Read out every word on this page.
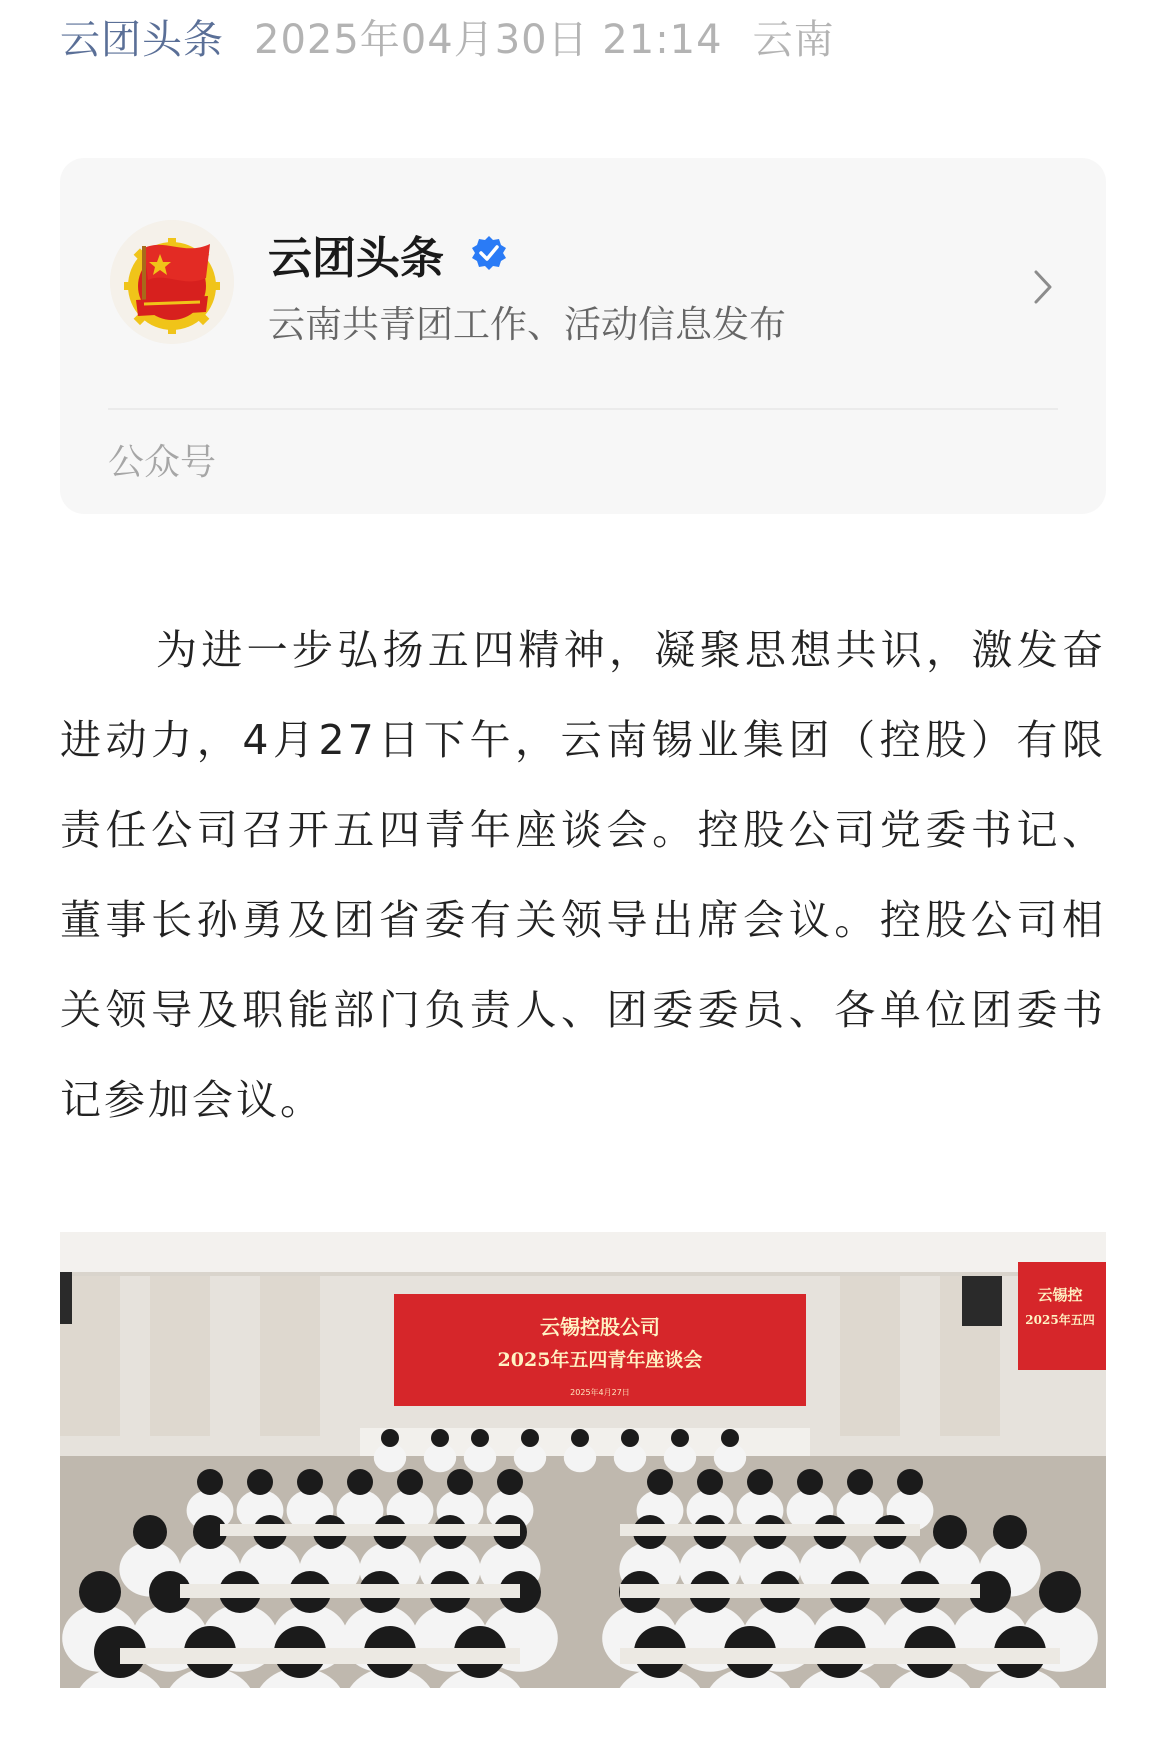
云团头条 2025年04月30日 21:14 云南
云团头条
云南共青团工作、活动信息发布
公众号

为进一步弘扬五四精神，凝聚思想共识，激发奋进动力，4月27日下午，云南锡业集团（控股）有限责任公司召开五四青年座谈会。控股公司党委书记、董事长孙勇及团省委有关领导出席会议。控股公司相关领导及职能部门负责人、团委委员、各单位团委书记参加会议。

云锡控股公司
2025年五四青年座谈会
2025年4月27日
云锡控
2025年五四
